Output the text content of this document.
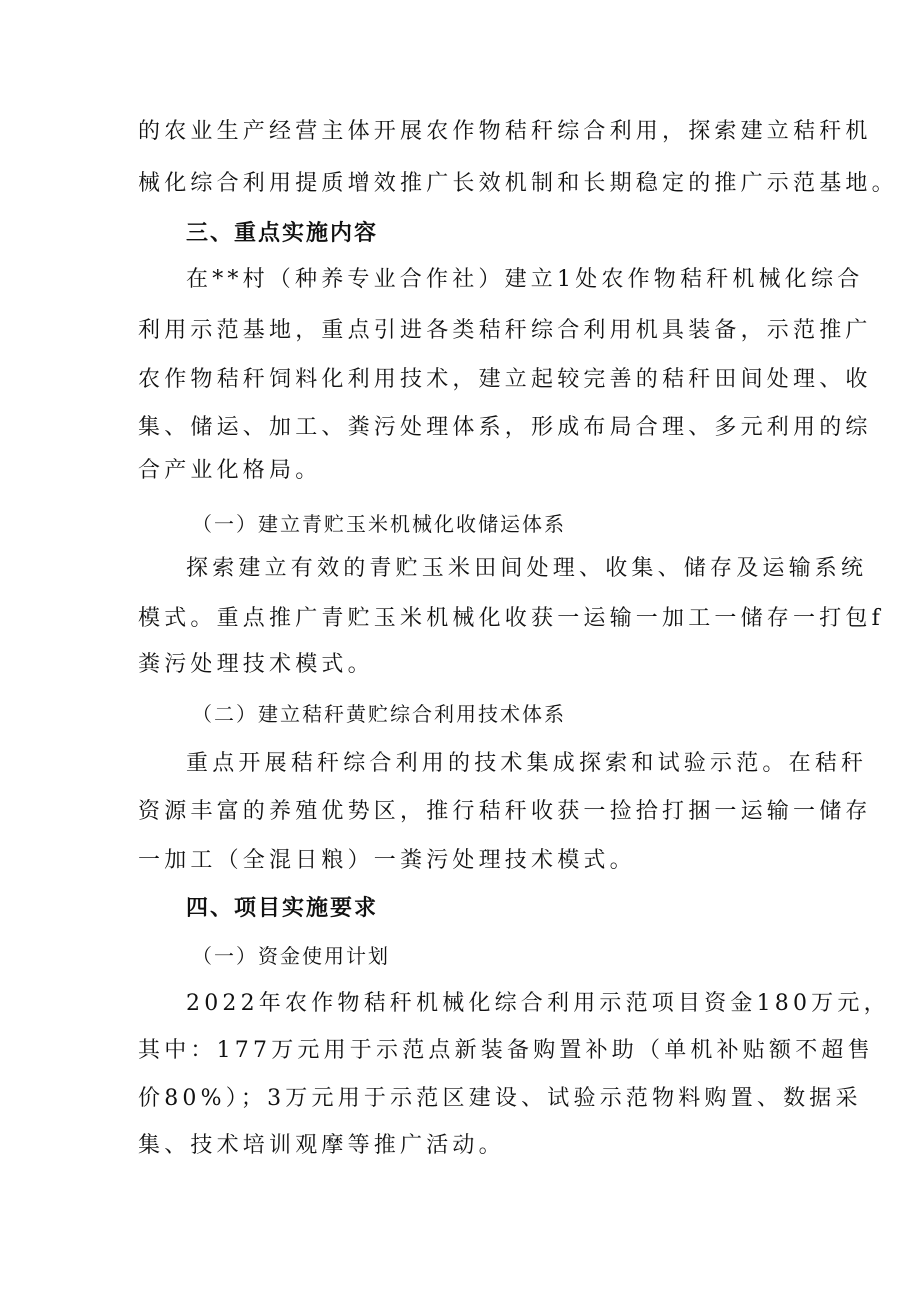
的农业生产经营主体开展农作物秸秆综合利用，探索建立秸秆机
械化综合利用提质增效推广长效机制和长期稳定的推广示范基地。
三、重点实施内容
在**村（种养专业合作社）建立1处农作物秸秆机械化综合
利用示范基地，重点引进各类秸秆综合利用机具装备，示范推广
农作物秸秆饲料化利用技术，建立起较完善的秸秆田间处理、收
集、储运、加工、粪污处理体系，形成布局合理、多元利用的综
合产业化格局。
（一）建立青贮玉米机械化收储运体系
探索建立有效的青贮玉米田间处理、收集、储存及运输系统
模式。重点推广青贮玉米机械化收获一运输一加工一储存一打包f
粪污处理技术模式。
（二）建立秸秆黄贮综合利用技术体系
重点开展秸秆综合利用的技术集成探索和试验示范。在秸秆
资源丰富的养殖优势区，推行秸秆收获一捡拾打捆一运输一储存
一加工（全混日粮）一粪污处理技术模式。
四、项目实施要求
（一）资金使用计划
2022年农作物秸秆机械化综合利用示范项目资金180万元，
其中：177万元用于示范点新装备购置补助（单机补贴额不超售
价80%）；3万元用于示范区建设、试验示范物料购置、数据采
集、技术培训观摩等推广活动。
